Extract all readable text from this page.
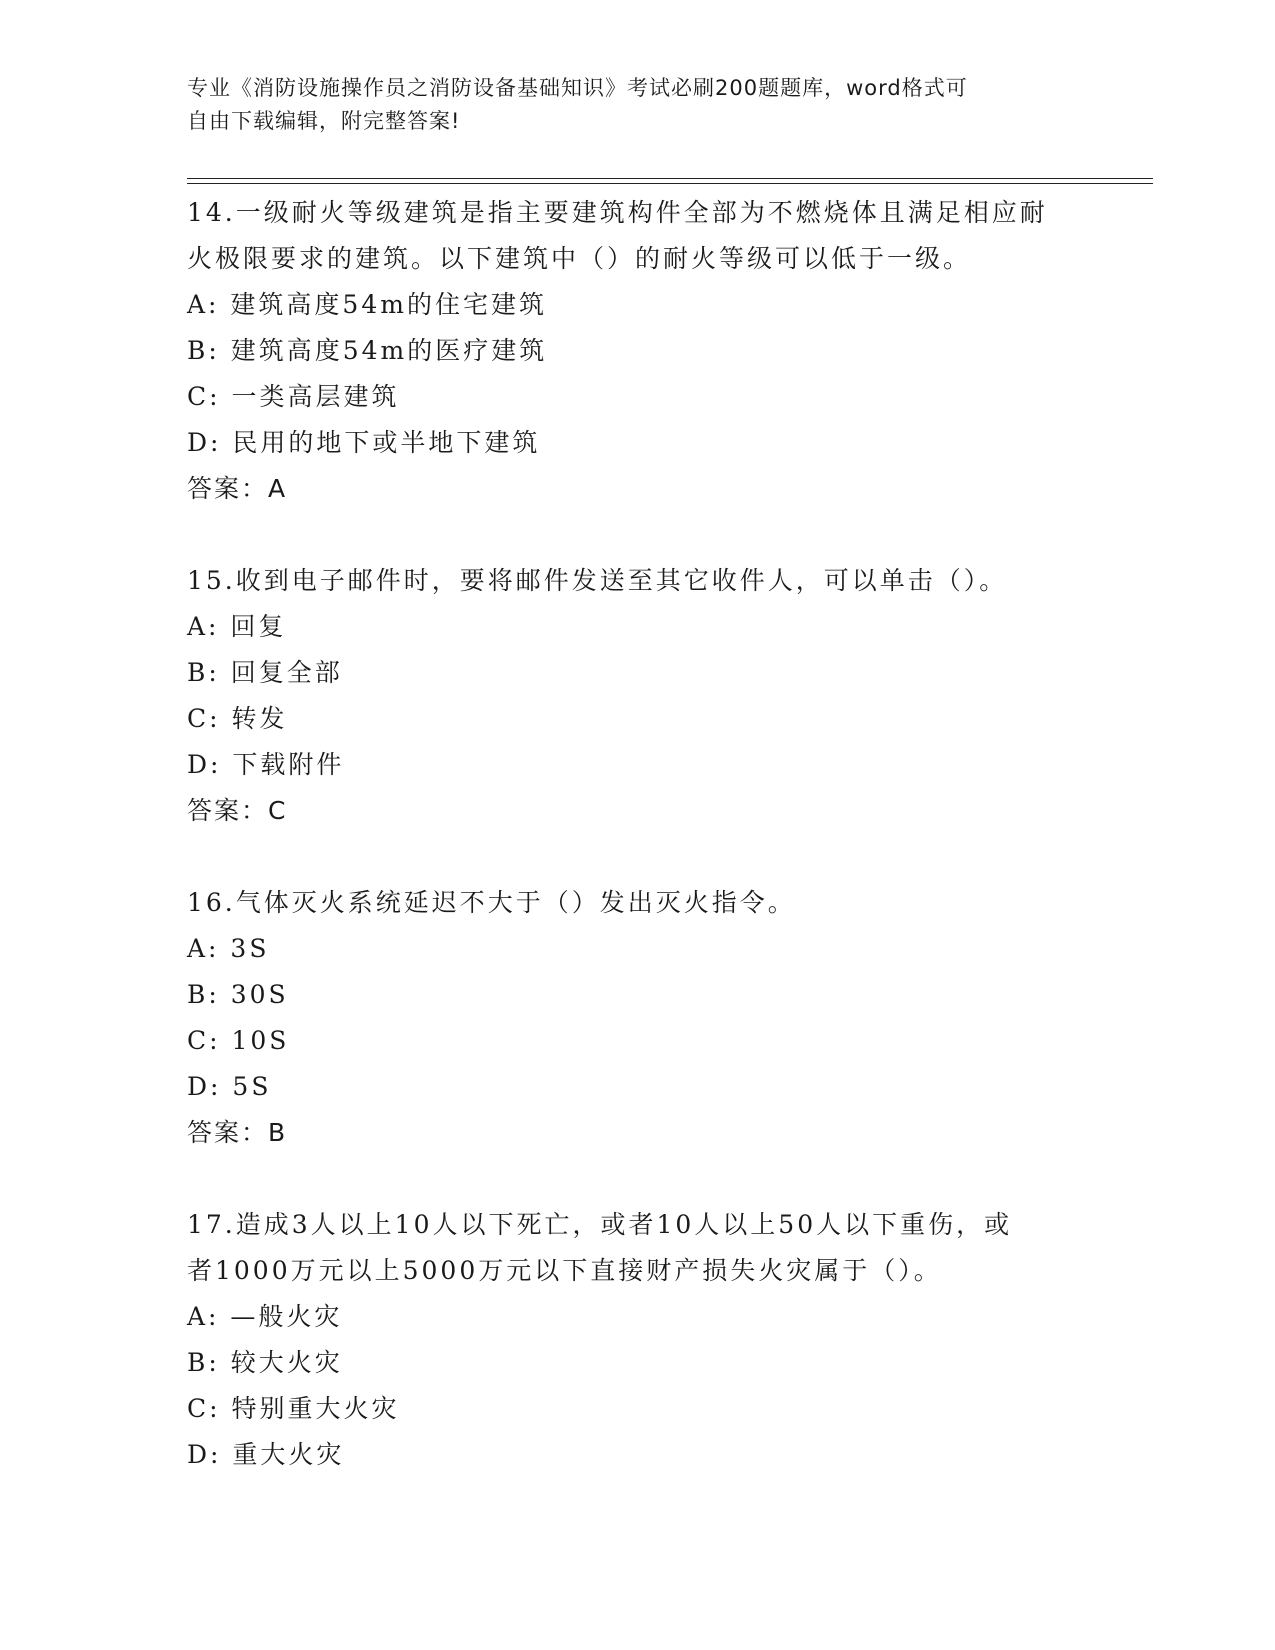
专业《消防设施操作员之消防设备基础知识》考试必刷200题题库，word格式可
自由下载编辑，附完整答案!
14.一级耐火等级建筑是指主要建筑构件全部为不燃烧体且满足相应耐
火极限要求的建筑。以下建筑中（）的耐火等级可以低于一级。
A: 建筑高度54m的住宅建筑
B: 建筑高度54m的医疗建筑
C: 一类高层建筑
D: 民用的地下或半地下建筑
答案：A
15.收到电子邮件时，要将邮件发送至其它收件人，可以单击（）。
A: 回复
B: 回复全部
C: 转发
D: 下载附件
答案：C
16.气体灭火系统延迟不大于（）发出灭火指令。
A: 3S
B: 30S
C: 10S
D: 5S
答案：B
17.造成3人以上10人以下死亡，或者10人以上50人以下重伤，或
者1000万元以上5000万元以下直接财产损失火灾属于（）。
A: —般火灾
B: 较大火灾
C: 特别重大火灾
D: 重大火灾
